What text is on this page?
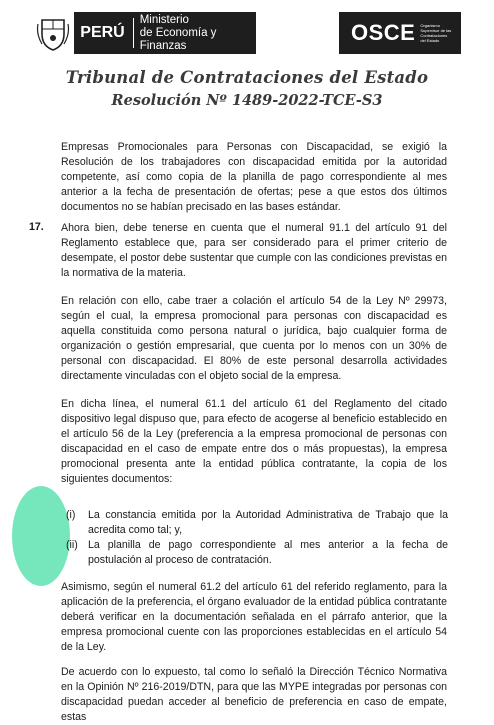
PERÚ
Ministerio
de Economía y Finanzas
OSCE Organismo Supervisor de las Contrataciones del Estado
Tribunal de Contrataciones del Estado
Resolución Nº 1489-2022-TCE-S3

Empresas Promocionales para Personas con Discapacidad, se exigió la Resolución de los trabajadores con discapacidad emitida por la autoridad competente, así como copia de la planilla de pago correspondiente al mes anterior a la fecha de presentación de ofertas; pese a que estos dos últimos documentos no se habían precisado en las bases estándar.

17. Ahora bien, debe tenerse en cuenta que el numeral 91.1 del artículo 91 del Reglamento establece que, para ser considerado para el primer criterio de desempate, el postor debe sustentar que cumple con las condiciones previstas en la normativa de la materia.

En relación con ello, cabe traer a colación el artículo 54 de la Ley Nº 29973, según el cual, la empresa promocional para personas con discapacidad es aquella constituida como persona natural o jurídica, bajo cualquier forma de organización o gestión empresarial, que cuenta por lo menos con un 30% de personal con discapacidad. El 80% de este personal desarrolla actividades directamente vinculadas con el objeto social de la empresa.

En dicha línea, el numeral 61.1 del artículo 61 del Reglamento del citado dispositivo legal dispuso que, para efecto de acogerse al beneficio establecido en el artículo 56 de la Ley (preferencia a la empresa promocional de personas con discapacidad en el caso de empate entre dos o más propuestas), la empresa promocional presenta ante la entidad pública contratante, la copia de los siguientes documentos:

(i) La constancia emitida por la Autoridad Administrativa de Trabajo que la acredita como tal; y,
(ii) La planilla de pago correspondiente al mes anterior a la fecha de postulación al proceso de contratación.

Asimismo, según el numeral 61.2 del artículo 61 del referido reglamento, para la aplicación de la preferencia, el órgano evaluador de la entidad pública contratante deberá verificar en la documentación señalada en el párrafo anterior, que la empresa promocional cuente con las proporciones establecidas en el artículo 54 de la Ley.

De acuerdo con lo expuesto, tal como lo señaló la Dirección Técnico Normativa en la Opinión Nº 216-2019/DTN, para que las MYPE integradas por personas con discapacidad puedan acceder al beneficio de preferencia en caso de empate, estas
